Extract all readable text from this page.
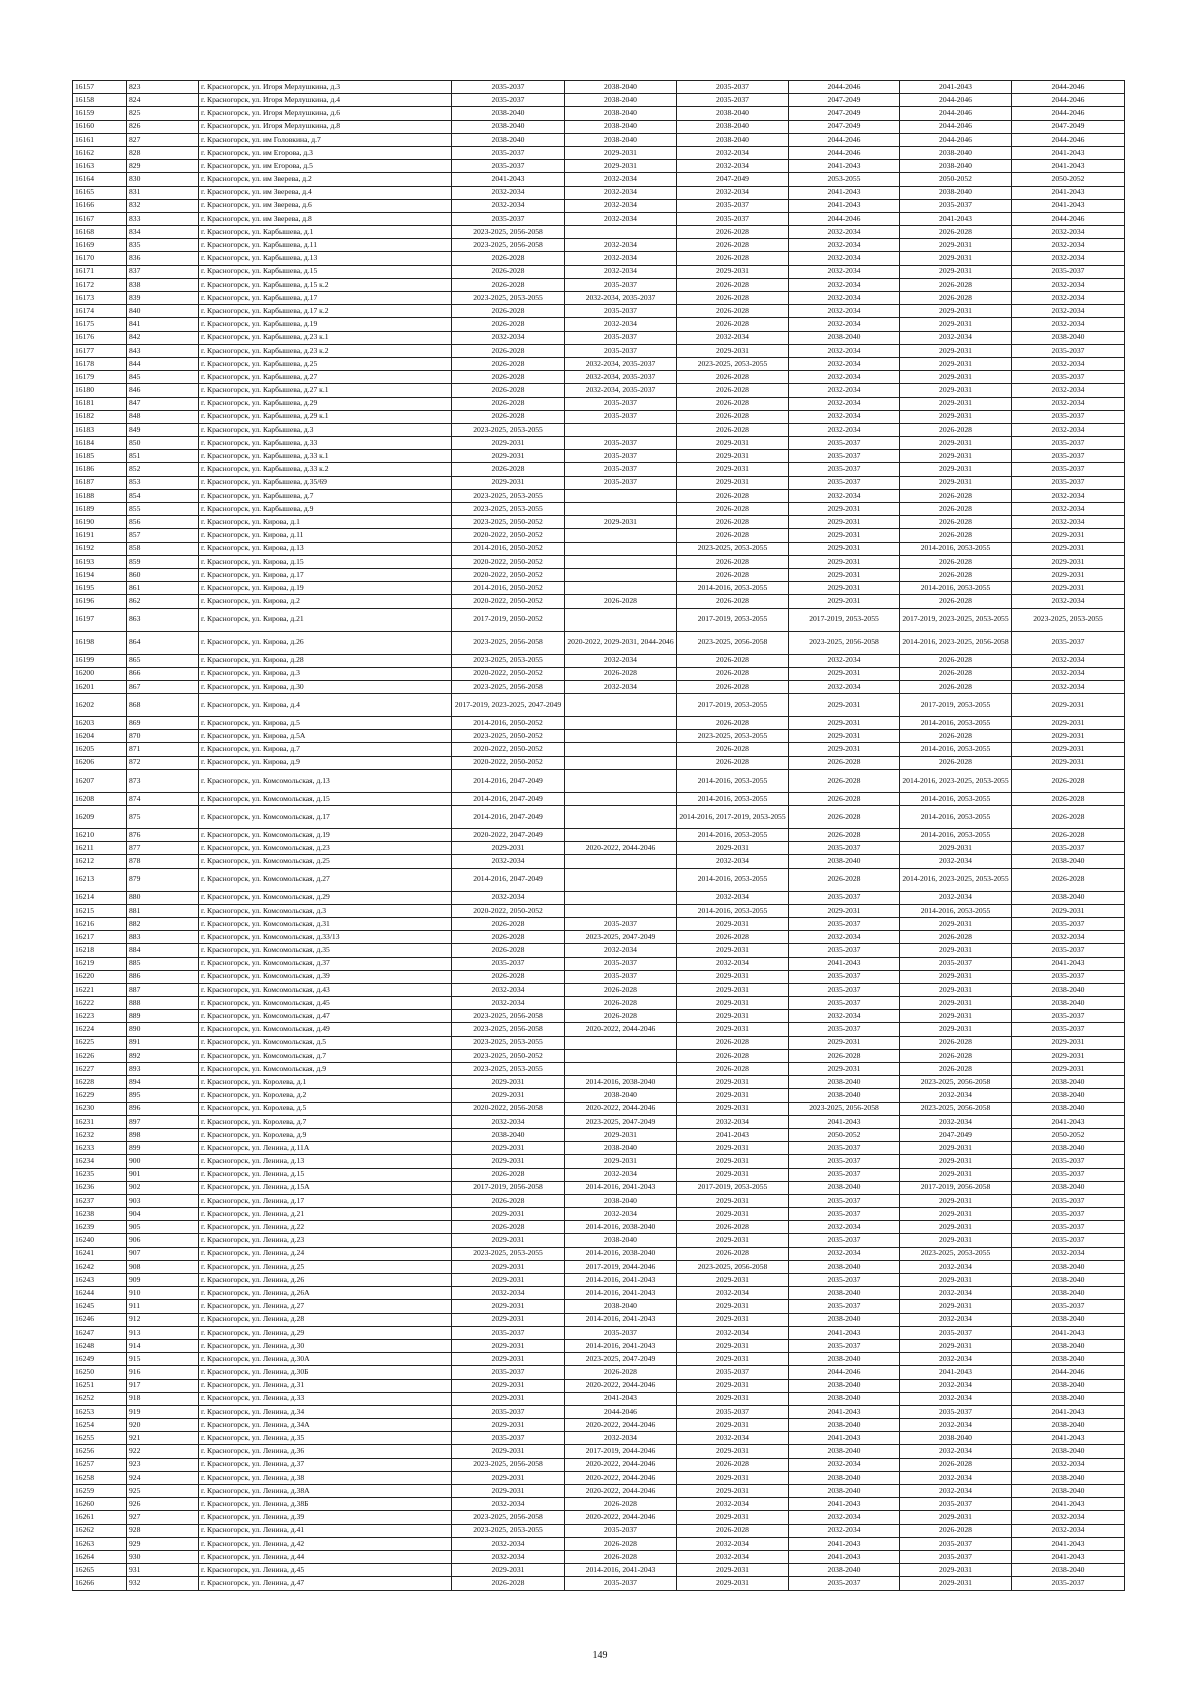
16157	823	г. Красногорск, ул. Игоря Мерлушкина, д.3	2035-2037	2038-2040	2035-2037	2044-2046	2041-2043	2044-2046
16158	824	г. Красногорск, ул. Игоря Мерлушкина, д.4	2035-2037	2038-2040	2035-2037	2047-2049	2044-2046	2044-2046
16159	825	г. Красногорск, ул. Игоря Мерлушкина, д.6	2038-2040	2038-2040	2038-2040	2047-2049	2044-2046	2044-2046
16160	826	г. Красногорск, ул. Игоря Мерлушкина, д.8	2038-2040	2038-2040	2038-2040	2047-2049	2044-2046	2047-2049
16161	827	г. Красногорск, ул. им Головкина, д.7	2038-2040	2038-2040	2038-2040	2044-2046	2044-2046	2044-2046
16162	828	г. Красногорск, ул. им Егорова, д.3	2035-2037	2029-2031	2032-2034	2044-2046	2038-2040	2041-2043
16163	829	г. Красногорск, ул. им Егорова, д.5	2035-2037	2029-2031	2032-2034	2041-2043	2038-2040	2041-2043
16164	830	г. Красногорск, ул. им Зверева, д.2	2041-2043	2032-2034	2047-2049	2053-2055	2050-2052	2050-2052
16165	831	г. Красногорск, ул. им Зверева, д.4	2032-2034	2032-2034	2032-2034	2041-2043	2038-2040	2041-2043
16166	832	г. Красногорск, ул. им Зверева, д.6	2032-2034	2032-2034	2035-2037	2041-2043	2035-2037	2041-2043
16167	833	г. Красногорск, ул. им Зверева, д.8	2035-2037	2032-2034	2035-2037	2044-2046	2041-2043	2044-2046
16168	834	г. Красногорск, ул. Карбышева, д.1	2023-2025, 2056-2058		2026-2028	2032-2034	2026-2028	2032-2034
16169	835	г. Красногорск, ул. Карбышева, д.11	2023-2025, 2056-2058	2032-2034	2026-2028	2032-2034	2029-2031	2032-2034
16170	836	г. Красногорск, ул. Карбышева, д.13	2026-2028	2032-2034	2026-2028	2032-2034	2029-2031	2032-2034
16171	837	г. Красногорск, ул. Карбышева, д.15	2026-2028	2032-2034	2029-2031	2032-2034	2029-2031	2035-2037
16172	838	г. Красногорск, ул. Карбышева, д.15 к.2	2026-2028	2035-2037	2026-2028	2032-2034	2026-2028	2032-2034
16173	839	г. Красногорск, ул. Карбышева, д.17	2023-2025, 2053-2055	2032-2034, 2035-2037	2026-2028	2032-2034	2026-2028	2032-2034
16174	840	г. Красногорск, ул. Карбышева, д.17 к.2	2026-2028	2035-2037	2026-2028	2032-2034	2029-2031	2032-2034
16175	841	г. Красногорск, ул. Карбышева, д.19	2026-2028	2032-2034	2026-2028	2032-2034	2029-2031	2032-2034
16176	842	г. Красногорск, ул. Карбышева, д.23 к.1	2032-2034	2035-2037	2032-2034	2038-2040	2032-2034	2038-2040
16177	843	г. Красногорск, ул. Карбышева, д.23 к.2	2026-2028	2035-2037	2029-2031	2032-2034	2029-2031	2035-2037
16178	844	г. Красногорск, ул. Карбышева, д.25	2026-2028	2032-2034, 2035-2037	2023-2025, 2053-2055	2032-2034	2029-2031	2032-2034
16179	845	г. Красногорск, ул. Карбышева, д.27	2026-2028	2032-2034, 2035-2037	2026-2028	2032-2034	2029-2031	2035-2037
16180	846	г. Красногорск, ул. Карбышева, д.27 к.1	2026-2028	2032-2034, 2035-2037	2026-2028	2032-2034	2029-2031	2032-2034
16181	847	г. Красногорск, ул. Карбышева, д.29	2026-2028	2035-2037	2026-2028	2032-2034	2029-2031	2032-2034
16182	848	г. Красногорск, ул. Карбышева, д.29 к.1	2026-2028	2035-2037	2026-2028	2032-2034	2029-2031	2035-2037
16183	849	г. Красногорск, ул. Карбышева, д.3	2023-2025, 2053-2055		2026-2028	2032-2034	2026-2028	2032-2034
16184	850	г. Красногорск, ул. Карбышева, д.33	2029-2031	2035-2037	2029-2031	2035-2037	2029-2031	2035-2037
16185	851	г. Красногорск, ул. Карбышева, д.33 к.1	2029-2031	2035-2037	2029-2031	2035-2037	2029-2031	2035-2037
16186	852	г. Красногорск, ул. Карбышева, д.33 к.2	2026-2028	2035-2037	2029-2031	2035-2037	2029-2031	2035-2037
16187	853	г. Красногорск, ул. Карбышева, д.35/69	2029-2031	2035-2037	2029-2031	2035-2037	2029-2031	2035-2037
16188	854	г. Красногорск, ул. Карбышева, д.7	2023-2025, 2053-2055		2026-2028	2032-2034	2026-2028	2032-2034
16189	855	г. Красногорск, ул. Карбышева, д.9	2023-2025, 2053-2055		2026-2028	2029-2031	2026-2028	2032-2034
16190	856	г. Красногорск, ул. Кирова, д.1	2023-2025, 2050-2052	2029-2031	2026-2028	2029-2031	2026-2028	2032-2034
16191	857	г. Красногорск, ул. Кирова, д.11	2020-2022, 2050-2052		2026-2028	2029-2031	2026-2028	2029-2031
16192	858	г. Красногорск, ул. Кирова, д.13	2014-2016, 2050-2052		2023-2025, 2053-2055	2029-2031	2014-2016, 2053-2055	2029-2031
16193	859	г. Красногорск, ул. Кирова, д.15	2020-2022, 2050-2052		2026-2028	2029-2031	2026-2028	2029-2031
16194	860	г. Красногорск, ул. Кирова, д.17	2020-2022, 2050-2052		2026-2028	2029-2031	2026-2028	2029-2031
16195	861	г. Красногорск, ул. Кирова, д.19	2014-2016, 2050-2052		2014-2016, 2053-2055	2029-2031	2014-2016, 2053-2055	2029-2031
16196	862	г. Красногорск, ул. Кирова, д.2	2020-2022, 2050-2052	2026-2028	2026-2028	2029-2031	2026-2028	2032-2034
16197	863	г. Красногорск, ул. Кирова, д.21	2017-2019, 2050-2052		2017-2019, 2053-2055	2017-2019, 2053-2055	2017-2019, 2023-2025, 2053-2055	2023-2025, 2053-2055
16198	864	г. Красногорск, ул. Кирова, д.26	2023-2025, 2056-2058	2020-2022, 2029-2031, 2044-2046	2023-2025, 2056-2058	2023-2025, 2056-2058	2014-2016, 2023-2025, 2056-2058	2035-2037
16199	865	г. Красногорск, ул. Кирова, д.28	2023-2025, 2053-2055	2032-2034	2026-2028	2032-2034	2026-2028	2032-2034
16200	866	г. Красногорск, ул. Кирова, д.3	2020-2022, 2050-2052	2026-2028	2026-2028	2029-2031	2026-2028	2032-2034
16201	867	г. Красногорск, ул. Кирова, д.30	2023-2025, 2056-2058	2032-2034	2026-2028	2032-2034	2026-2028	2032-2034
16202	868	г. Красногорск, ул. Кирова, д.4	2017-2019, 2023-2025, 2047-2049		2017-2019, 2053-2055	2029-2031	2017-2019, 2053-2055	2029-2031
16203	869	г. Красногорск, ул. Кирова, д.5	2014-2016, 2050-2052		2026-2028	2029-2031	2014-2016, 2053-2055	2029-2031
16204	870	г. Красногорск, ул. Кирова, д.5А	2023-2025, 2050-2052		2023-2025, 2053-2055	2029-2031	2026-2028	2029-2031
16205	871	г. Красногорск, ул. Кирова, д.7	2020-2022, 2050-2052		2026-2028	2029-2031	2014-2016, 2053-2055	2029-2031
16206	872	г. Красногорск, ул. Кирова, д.9	2020-2022, 2050-2052		2026-2028	2026-2028	2026-2028	2029-2031
16207	873	г. Красногорск, ул. Комсомольская, д.13	2014-2016, 2047-2049		2014-2016, 2053-2055	2026-2028	2014-2016, 2023-2025, 2053-2055	2026-2028
16208	874	г. Красногорск, ул. Комсомольская, д.15	2014-2016, 2047-2049		2014-2016, 2053-2055	2026-2028	2014-2016, 2053-2055	2026-2028
16209	875	г. Красногорск, ул. Комсомольская, д.17	2014-2016, 2047-2049		2014-2016, 2017-2019, 2053-2055	2026-2028	2014-2016, 2053-2055	2026-2028
16210	876	г. Красногорск, ул. Комсомольская, д.19	2020-2022, 2047-2049		2014-2016, 2053-2055	2026-2028	2014-2016, 2053-2055	2026-2028
16211	877	г. Красногорск, ул. Комсомольская, д.23	2029-2031	2020-2022, 2044-2046	2029-2031	2035-2037	2029-2031	2035-2037
16212	878	г. Красногорск, ул. Комсомольская, д.25	2032-2034		2032-2034	2038-2040	2032-2034	2038-2040
16213	879	г. Красногорск, ул. Комсомольская, д.27	2014-2016, 2047-2049		2014-2016, 2053-2055	2026-2028	2014-2016, 2023-2025, 2053-2055	2026-2028
16214	880	г. Красногорск, ул. Комсомольская, д.29	2032-2034		2032-2034	2035-2037	2032-2034	2038-2040
16215	881	г. Красногорск, ул. Комсомольская, д.3	2020-2022, 2050-2052		2014-2016, 2053-2055	2029-2031	2014-2016, 2053-2055	2029-2031
16216	882	г. Красногорск, ул. Комсомольская, д.31	2026-2028	2035-2037	2029-2031	2035-2037	2029-2031	2035-2037
16217	883	г. Красногорск, ул. Комсомольская, д.33/13	2026-2028	2023-2025, 2047-2049	2026-2028	2032-2034	2026-2028	2032-2034
16218	884	г. Красногорск, ул. Комсомольская, д.35	2026-2028	2032-2034	2029-2031	2035-2037	2029-2031	2035-2037
16219	885	г. Красногорск, ул. Комсомольская, д.37	2035-2037	2035-2037	2032-2034	2041-2043	2035-2037	2041-2043
16220	886	г. Красногорск, ул. Комсомольская, д.39	2026-2028	2035-2037	2029-2031	2035-2037	2029-2031	2035-2037
16221	887	г. Красногорск, ул. Комсомольская, д.43	2032-2034	2026-2028	2029-2031	2035-2037	2029-2031	2038-2040
16222	888	г. Красногорск, ул. Комсомольская, д.45	2032-2034	2026-2028	2029-2031	2035-2037	2029-2031	2038-2040
16223	889	г. Красногорск, ул. Комсомольская, д.47	2023-2025, 2056-2058	2026-2028	2029-2031	2032-2034	2029-2031	2035-2037
16224	890	г. Красногорск, ул. Комсомольская, д.49	2023-2025, 2056-2058	2020-2022, 2044-2046	2029-2031	2035-2037	2029-2031	2035-2037
16225	891	г. Красногорск, ул. Комсомольская, д.5	2023-2025, 2053-2055		2026-2028	2029-2031	2026-2028	2029-2031
16226	892	г. Красногорск, ул. Комсомольская, д.7	2023-2025, 2050-2052		2026-2028	2026-2028	2026-2028	2029-2031
16227	893	г. Красногорск, ул. Комсомольская, д.9	2023-2025, 2053-2055		2026-2028	2029-2031	2026-2028	2029-2031
16228	894	г. Красногорск, ул. Королева, д.1	2029-2031	2014-2016, 2038-2040	2029-2031	2038-2040	2023-2025, 2056-2058	2038-2040
16229	895	г. Красногорск, ул. Королева, д.2	2029-2031	2038-2040	2029-2031	2038-2040	2032-2034	2038-2040
16230	896	г. Красногорск, ул. Королева, д.5	2020-2022, 2056-2058	2020-2022, 2044-2046	2029-2031	2023-2025, 2056-2058	2023-2025, 2056-2058	2038-2040
16231	897	г. Красногорск, ул. Королева, д.7	2032-2034	2023-2025, 2047-2049	2032-2034	2041-2043	2032-2034	2041-2043
16232	898	г. Красногорск, ул. Королева, д.9	2038-2040	2029-2031	2041-2043	2050-2052	2047-2049	2050-2052
16233	899	г. Красногорск, ул. Ленина, д.11А	2029-2031	2038-2040	2029-2031	2035-2037	2029-2031	2038-2040
16234	900	г. Красногорск, ул. Ленина, д.13	2029-2031	2029-2031	2029-2031	2035-2037	2029-2031	2035-2037
16235	901	г. Красногорск, ул. Ленина, д.15	2026-2028	2032-2034	2029-2031	2035-2037	2029-2031	2035-2037
16236	902	г. Красногорск, ул. Ленина, д.15А	2017-2019, 2056-2058	2014-2016, 2041-2043	2017-2019, 2053-2055	2038-2040	2017-2019, 2056-2058	2038-2040
16237	903	г. Красногорск, ул. Ленина, д.17	2026-2028	2038-2040	2029-2031	2035-2037	2029-2031	2035-2037
16238	904	г. Красногорск, ул. Ленина, д.21	2029-2031	2032-2034	2029-2031	2035-2037	2029-2031	2035-2037
16239	905	г. Красногорск, ул. Ленина, д.22	2026-2028	2014-2016, 2038-2040	2026-2028	2032-2034	2029-2031	2035-2037
16240	906	г. Красногорск, ул. Ленина, д.23	2029-2031	2038-2040	2029-2031	2035-2037	2029-2031	2035-2037
16241	907	г. Красногорск, ул. Ленина, д.24	2023-2025, 2053-2055	2014-2016, 2038-2040	2026-2028	2032-2034	2023-2025, 2053-2055	2032-2034
16242	908	г. Красногорск, ул. Ленина, д.25	2029-2031	2017-2019, 2044-2046	2023-2025, 2056-2058	2038-2040	2032-2034	2038-2040
16243	909	г. Красногорск, ул. Ленина, д.26	2029-2031	2014-2016, 2041-2043	2029-2031	2035-2037	2029-2031	2038-2040
16244	910	г. Красногорск, ул. Ленина, д.26А	2032-2034	2014-2016, 2041-2043	2032-2034	2038-2040	2032-2034	2038-2040
16245	911	г. Красногорск, ул. Ленина, д.27	2029-2031	2038-2040	2029-2031	2035-2037	2029-2031	2035-2037
16246	912	г. Красногорск, ул. Ленина, д.28	2029-2031	2014-2016, 2041-2043	2029-2031	2038-2040	2032-2034	2038-2040
16247	913	г. Красногорск, ул. Ленина, д.29	2035-2037	2035-2037	2032-2034	2041-2043	2035-2037	2041-2043
16248	914	г. Красногорск, ул. Ленина, д.30	2029-2031	2014-2016, 2041-2043	2029-2031	2035-2037	2029-2031	2038-2040
16249	915	г. Красногорск, ул. Ленина, д.30А	2029-2031	2023-2025, 2047-2049	2029-2031	2038-2040	2032-2034	2038-2040
16250	916	г. Красногорск, ул. Ленина, д.30Б	2035-2037	2026-2028	2035-2037	2044-2046	2041-2043	2044-2046
16251	917	г. Красногорск, ул. Ленина, д.31	2029-2031	2020-2022, 2044-2046	2029-2031	2038-2040	2032-2034	2038-2040
16252	918	г. Красногорск, ул. Ленина, д.33	2029-2031	2041-2043	2029-2031	2038-2040	2032-2034	2038-2040
16253	919	г. Красногорск, ул. Ленина, д.34	2035-2037	2044-2046	2035-2037	2041-2043	2035-2037	2041-2043
16254	920	г. Красногорск, ул. Ленина, д.34А	2029-2031	2020-2022, 2044-2046	2029-2031	2038-2040	2032-2034	2038-2040
16255	921	г. Красногорск, ул. Ленина, д.35	2035-2037	2032-2034	2032-2034	2041-2043	2038-2040	2041-2043
16256	922	г. Красногорск, ул. Ленина, д.36	2029-2031	2017-2019, 2044-2046	2029-2031	2038-2040	2032-2034	2038-2040
16257	923	г. Красногорск, ул. Ленина, д.37	2023-2025, 2056-2058	2020-2022, 2044-2046	2026-2028	2032-2034	2026-2028	2032-2034
16258	924	г. Красногорск, ул. Ленина, д.38	2029-2031	2020-2022, 2044-2046	2029-2031	2038-2040	2032-2034	2038-2040
16259	925	г. Красногорск, ул. Ленина, д.38А	2029-2031	2020-2022, 2044-2046	2029-2031	2038-2040	2032-2034	2038-2040
16260	926	г. Красногорск, ул. Ленина, д.38Б	2032-2034	2026-2028	2032-2034	2041-2043	2035-2037	2041-2043
16261	927	г. Красногорск, ул. Ленина, д.39	2023-2025, 2056-2058	2020-2022, 2044-2046	2029-2031	2032-2034	2029-2031	2032-2034
16262	928	г. Красногорск, ул. Ленина, д.41	2023-2025, 2053-2055	2035-2037	2026-2028	2032-2034	2026-2028	2032-2034
16263	929	г. Красногорск, ул. Ленина, д.42	2032-2034	2026-2028	2032-2034	2041-2043	2035-2037	2041-2043
16264	930	г. Красногорск, ул. Ленина, д.44	2032-2034	2026-2028	2032-2034	2041-2043	2035-2037	2041-2043
16265	931	г. Красногорск, ул. Ленина, д.45	2029-2031	2014-2016, 2041-2043	2029-2031	2038-2040	2029-2031	2038-2040
16266	932	г. Красногорск, ул. Ленина, д.47	2026-2028	2035-2037	2029-2031	2035-2037	2029-2031	2035-2037
149
